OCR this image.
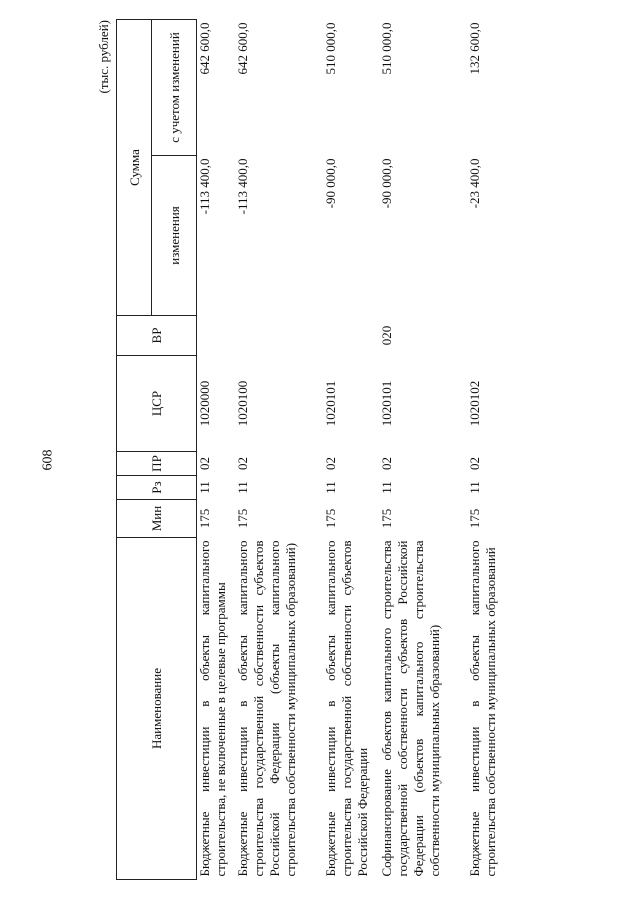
608
(тыс. рублей)
Наименование	Мин	Рз	ПР	ЦСР	ВР	Сумма	
						изменения	с учетом изменений
Бюджетные инвестиции в объекты капитального строительства, не включенные в целевые программы	175	11	02	1020000		-113 400,0	642 600,0
Бюджетные инвестиции в объекты капитального строительства государственной собственности субъектов Российской Федерации (объекты капитального строительства собственности муниципальных образований)	175	11	02	1020100		-113 400,0	642 600,0
Бюджетные инвестиции в объекты капитального строительства государственной собственности субъектов Российской Федерации	175	11	02	1020101		-90 000,0	510 000,0
Софинансирование объектов капитального строительства государственной собственности субъектов Российской Федерации (объектов капитального строительства собственности муниципальных образований)	175	11	02	1020101	020	-90 000,0	510 000,0
Бюджетные инвестиции в объекты капитального строительства собственности муниципальных образований	175	11	02	1020102		-23 400,0	132 600,0
